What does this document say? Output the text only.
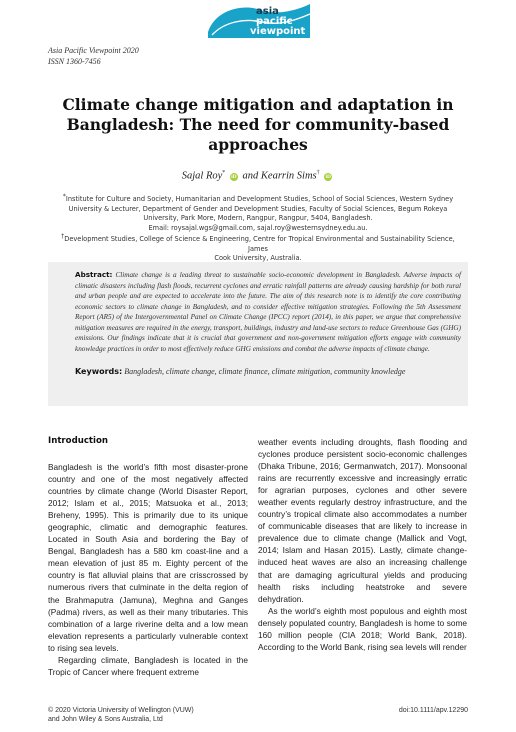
asia
pacific
viewpoint
Asia Pacific Viewpoint 2020
ISSN 1360-7456
Climate change mitigation and adaptation in Bangladesh: The need for community-based approaches
Sajal Roy* iD and Kearrin Sims† iD
*Institute for Culture and Society, Humanitarian and Development Studies, School of Social Sciences, Western Sydney
University & Lecturer, Department of Gender and Development Studies, Faculty of Social Sciences, Begum Rokeya
University, Park More, Modern, Rangpur, Rangpur, 5404, Bangladesh.
Email: roysajal.wgs@gmail.com, sajal.roy@westernsydney.edu.au.
†Development Studies, College of Science & Engineering, Centre for Tropical Environmental and Sustainability Science, James
Cook University, Australia.
Abstract: Climate change is a leading threat to sustainable socio-economic development in Bangladesh. Adverse impacts of climatic disasters including flash floods, recurrent cyclones and erratic rainfall patterns are already causing hardship for both rural and urban people and are expected to accelerate into the future. The aim of this research note is to identify the core contributing economic sectors to climate change in Bangladesh, and to consider effective mitigation strategies. Following the 5th Assessment Report (AR5) of the Intergovernmental Panel on Climate Change (IPCC) report (2014), in this paper, we argue that comprehensive mitigation measures are required in the energy, transport, buildings, industry and land-use sectors to reduce Greenhouse Gas (GHG) emissions. Our findings indicate that it is crucial that government and non-government mitigation efforts engage with community knowledge practices in order to most effectively reduce GHG emissions and combat the adverse impacts of climate change.
Keywords: Bangladesh, climate change, climate finance, climate mitigation, community knowledge
Introduction

Bangladesh is the world’s fifth most disaster-prone country and one of the most negatively affected countries by climate change (World Disaster Report, 2012; Islam et al., 2015; Matsuoka et al., 2013; Breheny, 1995). This is primarily due to its unique geographic, climatic and demographic features. Located in South Asia and bordering the Bay of Bengal, Bangladesh has a 580 km coast-line and a mean elevation of just 85 m. Eighty percent of the country is flat alluvial plains that are crisscrossed by numerous rivers that culminate in the delta region of the Brahmaputra (Jamuna), Meghna and Ganges (Padma) rivers, as well as their many tributaries. This combination of a large riverine delta and a low mean elevation represents a particularly vulnerable context to rising sea levels.

Regarding climate, Bangladesh is located in the Tropic of Cancer where frequent extreme

weather events including droughts, flash flooding and cyclones produce persistent socio-economic challenges (Dhaka Tribune, 2016; Germanwatch, 2017). Monsoonal rains are recurrently excessive and increasingly erratic for agrarian purposes, cyclones and other severe weather events regularly destroy infrastructure, and the country’s tropical climate also accommodates a number of communicable diseases that are likely to increase in prevalence due to climate change (Mallick and Vogt, 2014; Islam and Hasan 2015). Lastly, climate change-induced heat waves are also an increasing challenge that are damaging agricultural yields and producing health risks including heatstroke and severe dehydration.

As the world’s eighth most populous and eighth most densely populated country, Bangladesh is home to some 160 million people (CIA 2018; World Bank, 2018). According to the World Bank, rising sea levels will render

© 2020 Victoria University of Wellington (VUW)
and John Wiley & Sons Australia, Ltd
doi:10.1111/apv.12290
